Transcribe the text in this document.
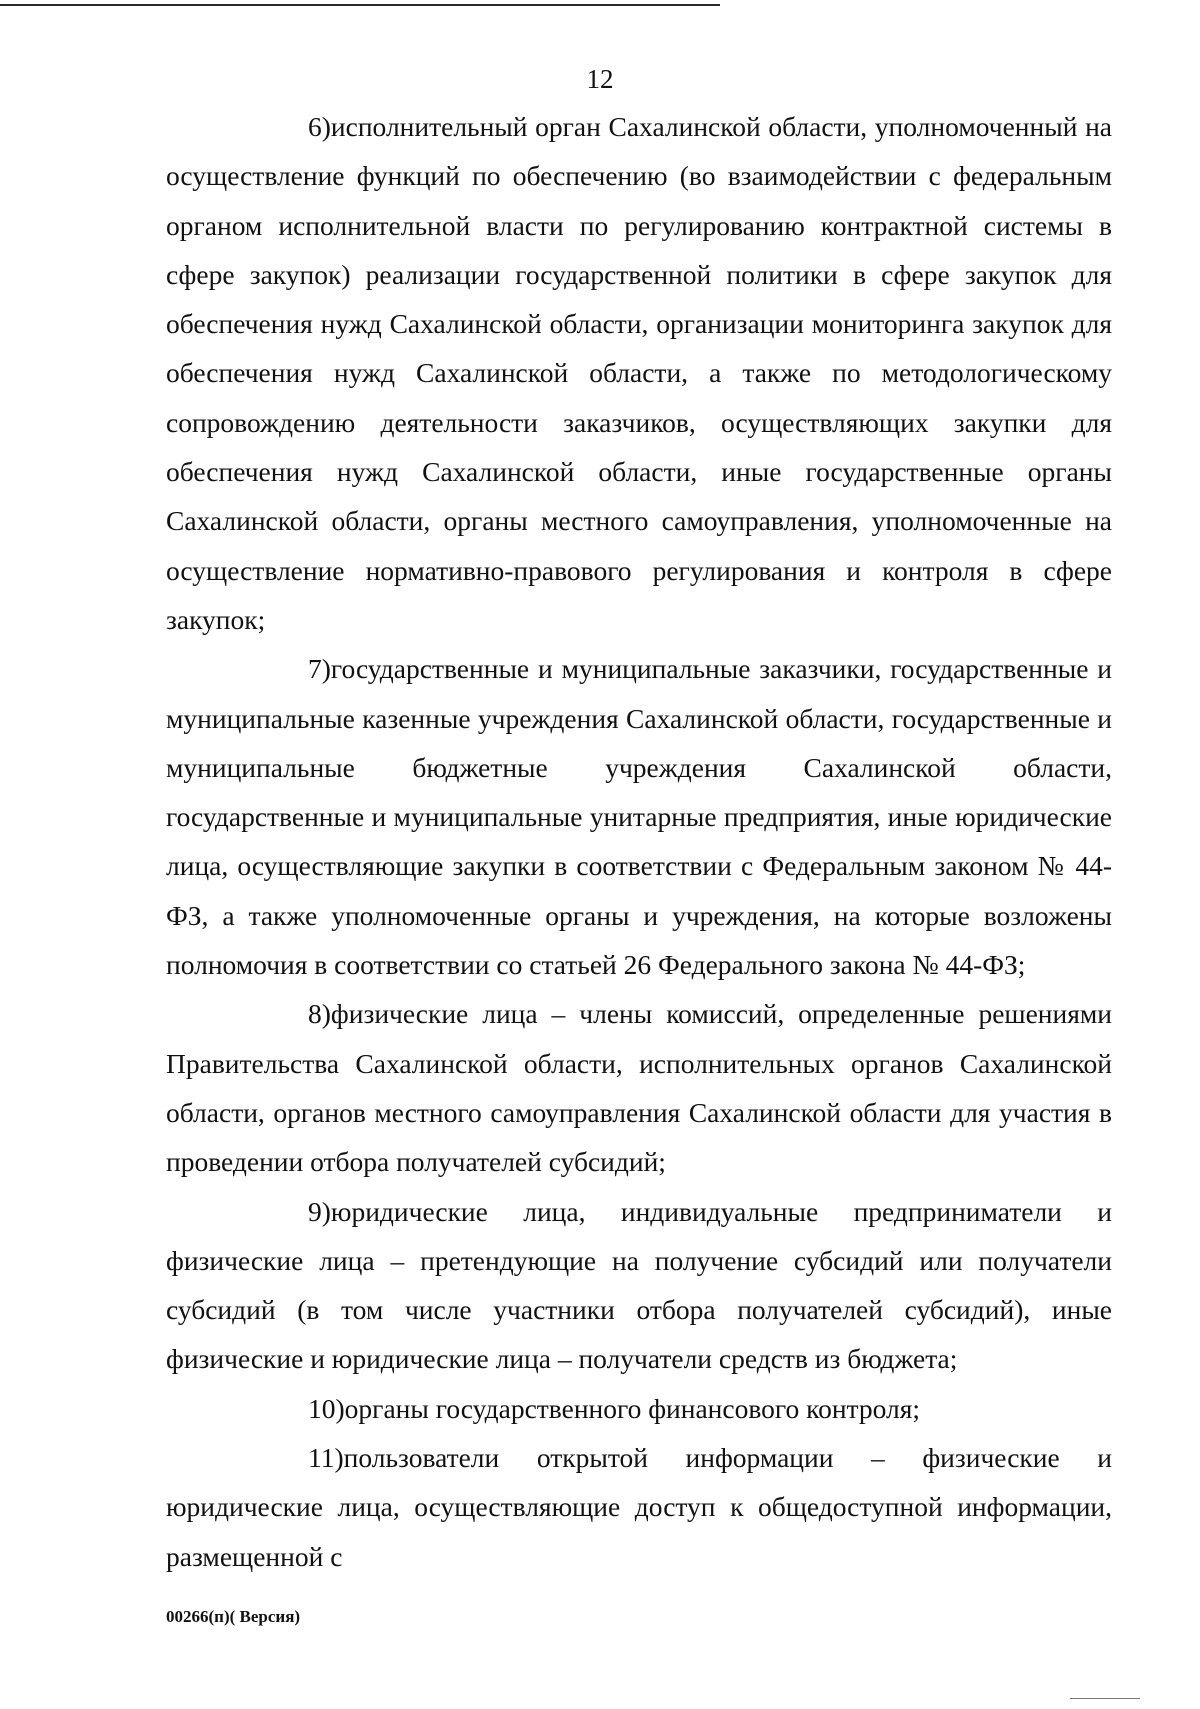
12

6)исполнительный орган Сахалинской области, уполномоченный на осуществление функций по обеспечению (во взаимодействии с федеральным органом исполнительной власти по регулированию контрактной системы в сфере закупок) реализации государственной политики в сфере закупок для обеспечения нужд Сахалинской области, организации мониторинга закупок для обеспечения нужд Сахалинской области, а также по методологическому сопровождению деятельности заказчиков, осуществляющих закупки для обеспечения нужд Сахалинской области, иные государственные органы Сахалинской области, органы местного самоуправления, уполномоченные на осуществление нормативно-правового регулирования и контроля в сфере закупок;

7)государственные и муниципальные заказчики, государственные и муниципальные казенные учреждения Сахалинской области, государственные и муниципальные бюджетные учреждения Сахалинской области, государственные и муниципальные унитарные предприятия, иные юридические лица, осуществляющие закупки в соответствии с Федеральным законом № 44-ФЗ, а также уполномоченные органы и учреждения, на которые возложены полномочия в соответствии со статьей 26 Федерального закона № 44-ФЗ;

8)физические лица – члены комиссий, определенные решениями Правительства Сахалинской области, исполнительных органов Сахалинской области, органов местного самоуправления Сахалинской области для участия в проведении отбора получателей субсидий;

9)юридические лица, индивидуальные предприниматели и физические лица – претендующие на получение субсидий или получатели субсидий (в том числе участники отбора получателей субсидий), иные физические и юридические лица – получатели средств из бюджета;

10)органы государственного финансового контроля;

11)пользователи открытой информации – физические и юридические лица, осуществляющие доступ к общедоступной информации, размещенной с

00266(п)( Версия)
